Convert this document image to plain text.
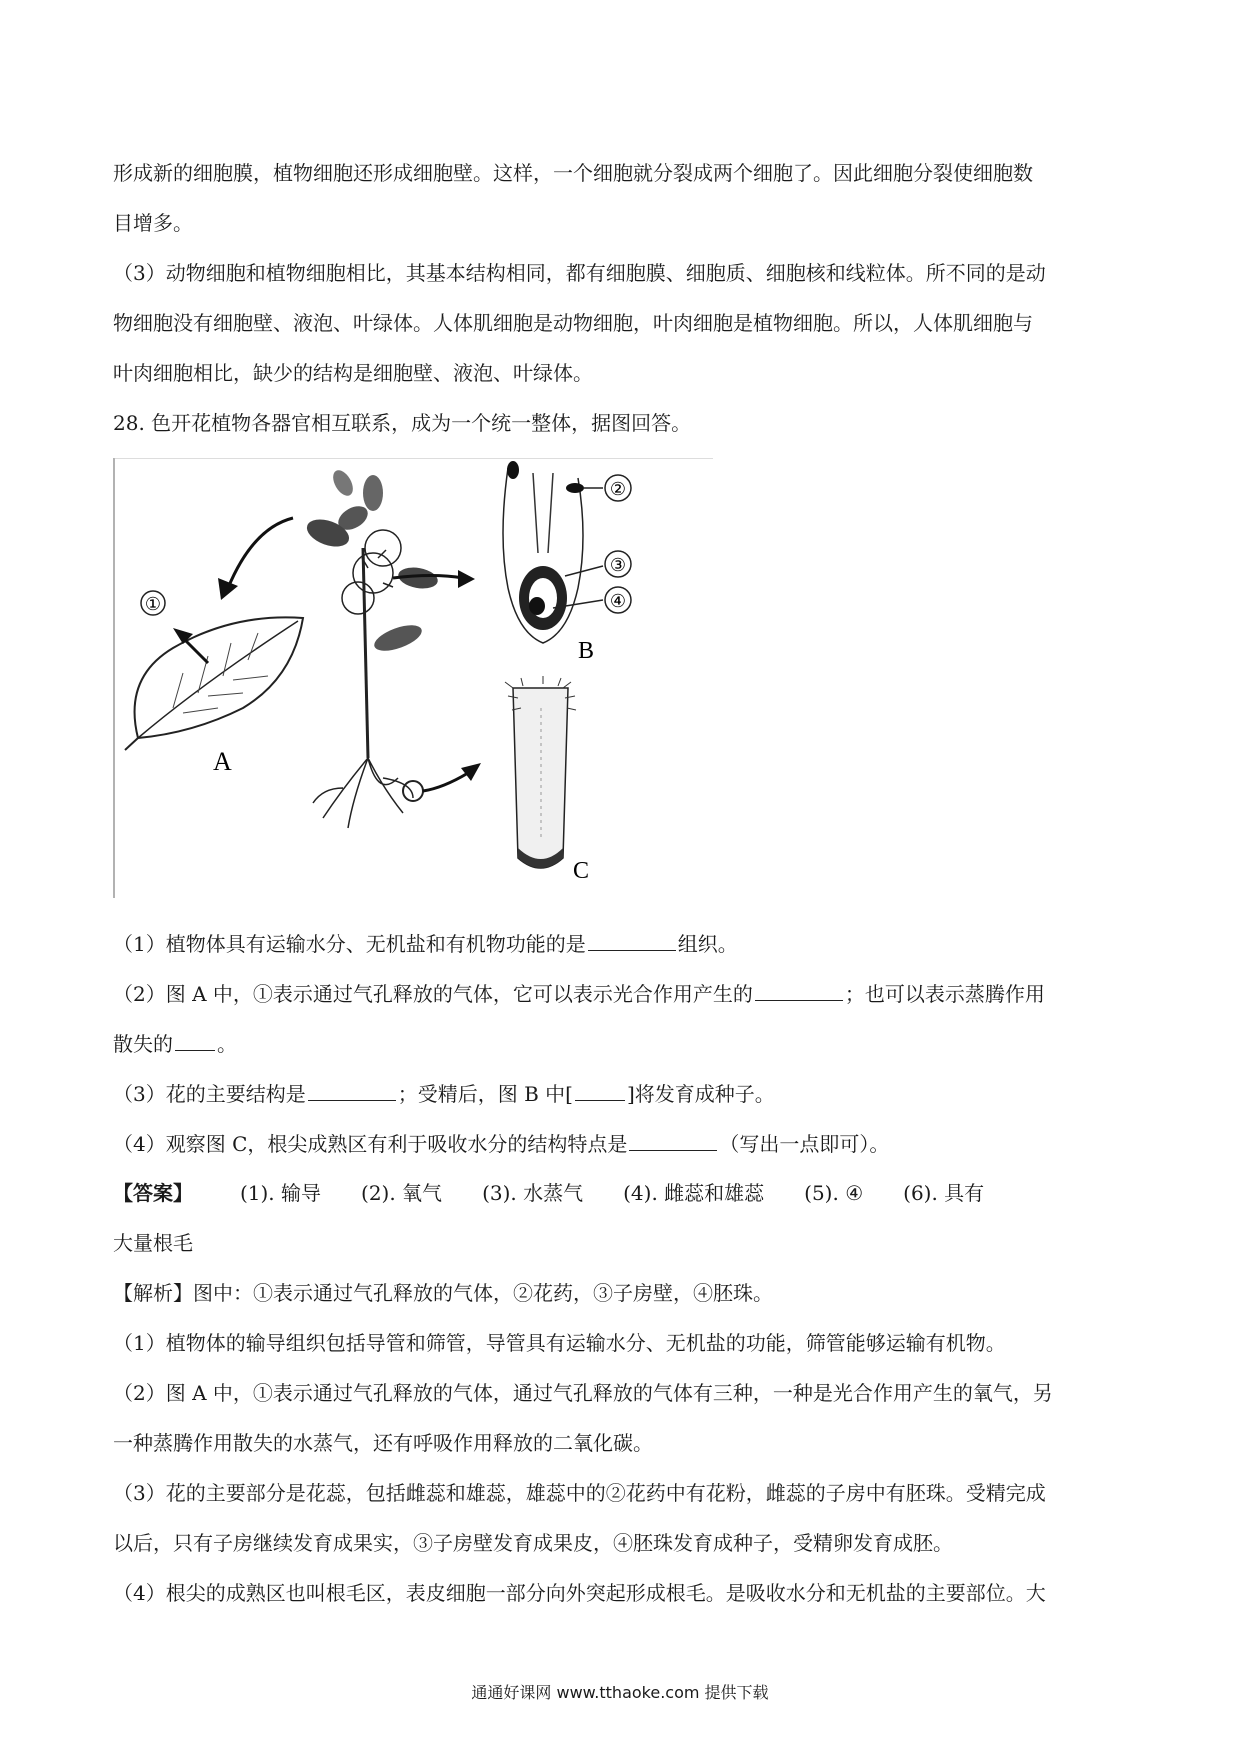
形成新的细胞膜，植物细胞还形成细胞壁。这样，一个细胞就分裂成两个细胞了。因此细胞分裂使细胞数
目增多。
（3）动物细胞和植物细胞相比，其基本结构相同，都有细胞膜、细胞质、细胞核和线粒体。所不同的是动
物细胞没有细胞壁、液泡、叶绿体。人体肌细胞是动物细胞，叶肉细胞是植物细胞。所以，人体肌细胞与
叶肉细胞相比，缺少的结构是细胞壁、液泡、叶绿体。
28. 色开花植物各器官相互联系，成为一个统一整体，据图回答。
①
A
②
③
④
B
C
（1）植物体具有运输水分、无机盐和有机物功能的是	组织。
（2）图 A 中，①表示通过气孔释放的气体，它可以表示光合作用产生的	；也可以表示蒸腾作用
散失的 。
（3）花的主要结构是	；受精后，图 B 中[	]将发育成种子。
（4）观察图 C，根尖成熟区有利于吸收水分的结构特点是	（写出一点即可）。
【答案】 (1). 输导 (2). 氧气 (3). 水蒸气 (4). 雌蕊和雄蕊 (5). ④ (6). 具有
大量根毛
【解析】图中：①表示通过气孔释放的气体，②花药，③子房壁，④胚珠。
（1）植物体的输导组织包括导管和筛管，导管具有运输水分、无机盐的功能，筛管能够运输有机物。
（2）图 A 中，①表示通过气孔释放的气体，通过气孔释放的气体有三种，一种是光合作用产生的氧气，另
一种蒸腾作用散失的水蒸气，还有呼吸作用释放的二氧化碳。
（3）花的主要部分是花蕊，包括雌蕊和雄蕊，雄蕊中的②花药中有花粉，雌蕊的子房中有胚珠。受精完成
以后，只有子房继续发育成果实，③子房壁发育成果皮，④胚珠发育成种子，受精卵发育成胚。
（4）根尖的成熟区也叫根毛区，表皮细胞一部分向外突起形成根毛。是吸收水分和无机盐的主要部位。大
通通好课网 www.tthaoke.com 提供下载
